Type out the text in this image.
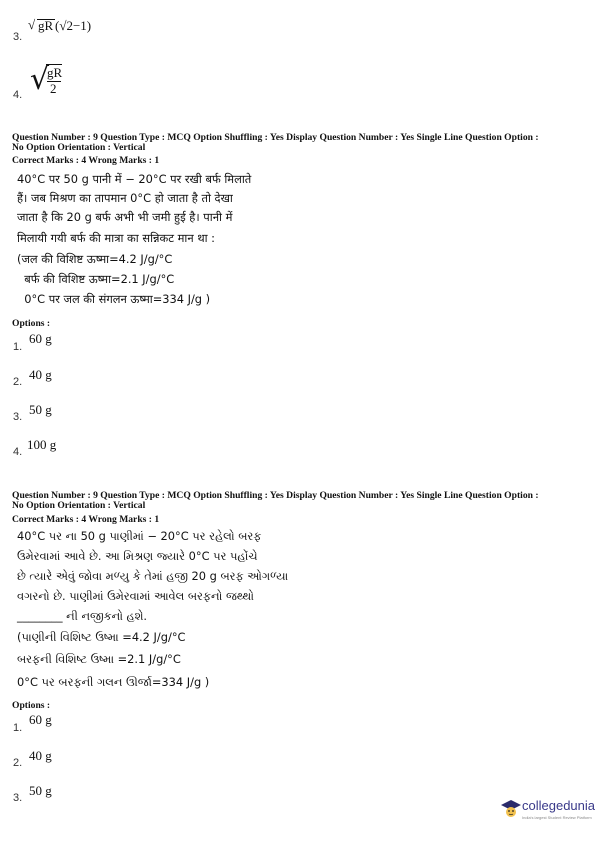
3.
√ gR (√2−1)
4. √
gR
2
Question Number : 9 Question Type : MCQ Option Shuffling : Yes Display Question Number : Yes Single Line Question Option :
No Option Orientation : Vertical
Correct Marks : 4 Wrong Marks : 1
40°C पर 50 g पानी में − 20°C पर रखी बर्फ मिलाते
हैं। जब मिश्रण का तापमान 0°C हो जाता है तो देखा
जाता है कि 20 g बर्फ अभी भी जमी हुई है। पानी में
मिलायी गयी बर्फ की मात्रा का सन्निकट मान था :
(जल की विशिष्ट ऊष्मा=4.2 J/g/°C
बर्फ की विशिष्ट ऊष्मा=2.1 J/g/°C
0°C पर जल की संगलन ऊष्मा=334 J/g )
Options :
1.
60 g
2. 40 g
3. 50 g
4. 100 g
Question Number : 9 Question Type : MCQ Option Shuffling : Yes Display Question Number : Yes Single Line Question Option :
No Option Orientation : Vertical
Correct Marks : 4 Wrong Marks : 1
40°C પર ના 50 g પાણીમાં − 20°C પર રહેલો બરફ
ઉમેરવામાં આવે છે. આ મિશ્રણ જ્યારે 0°C પર પહોંચે
છે ત્યારે એવું જોવા મળ્યુ કે તેમાં હજી 20 g બરફ ઓગળ્યા
વગરનો છે. પાણીમાં ઉમેરવામાં આવેલ બરફનો જથ્થો
________ ની નજીકનો હશે.
(પાણીની વિશિષ્ટ ઉષ્મા =4.2 J/g/°C
બરફની વિશિષ્ટ ઉષ્મા =2.1 J/g/°C
0°C પર બરફની ગલન ઊર્જા=334 J/g )
Options :
1.
60 g
2. 40 g
3. 50 g
collegedunia
India's largest Student Review Platform
